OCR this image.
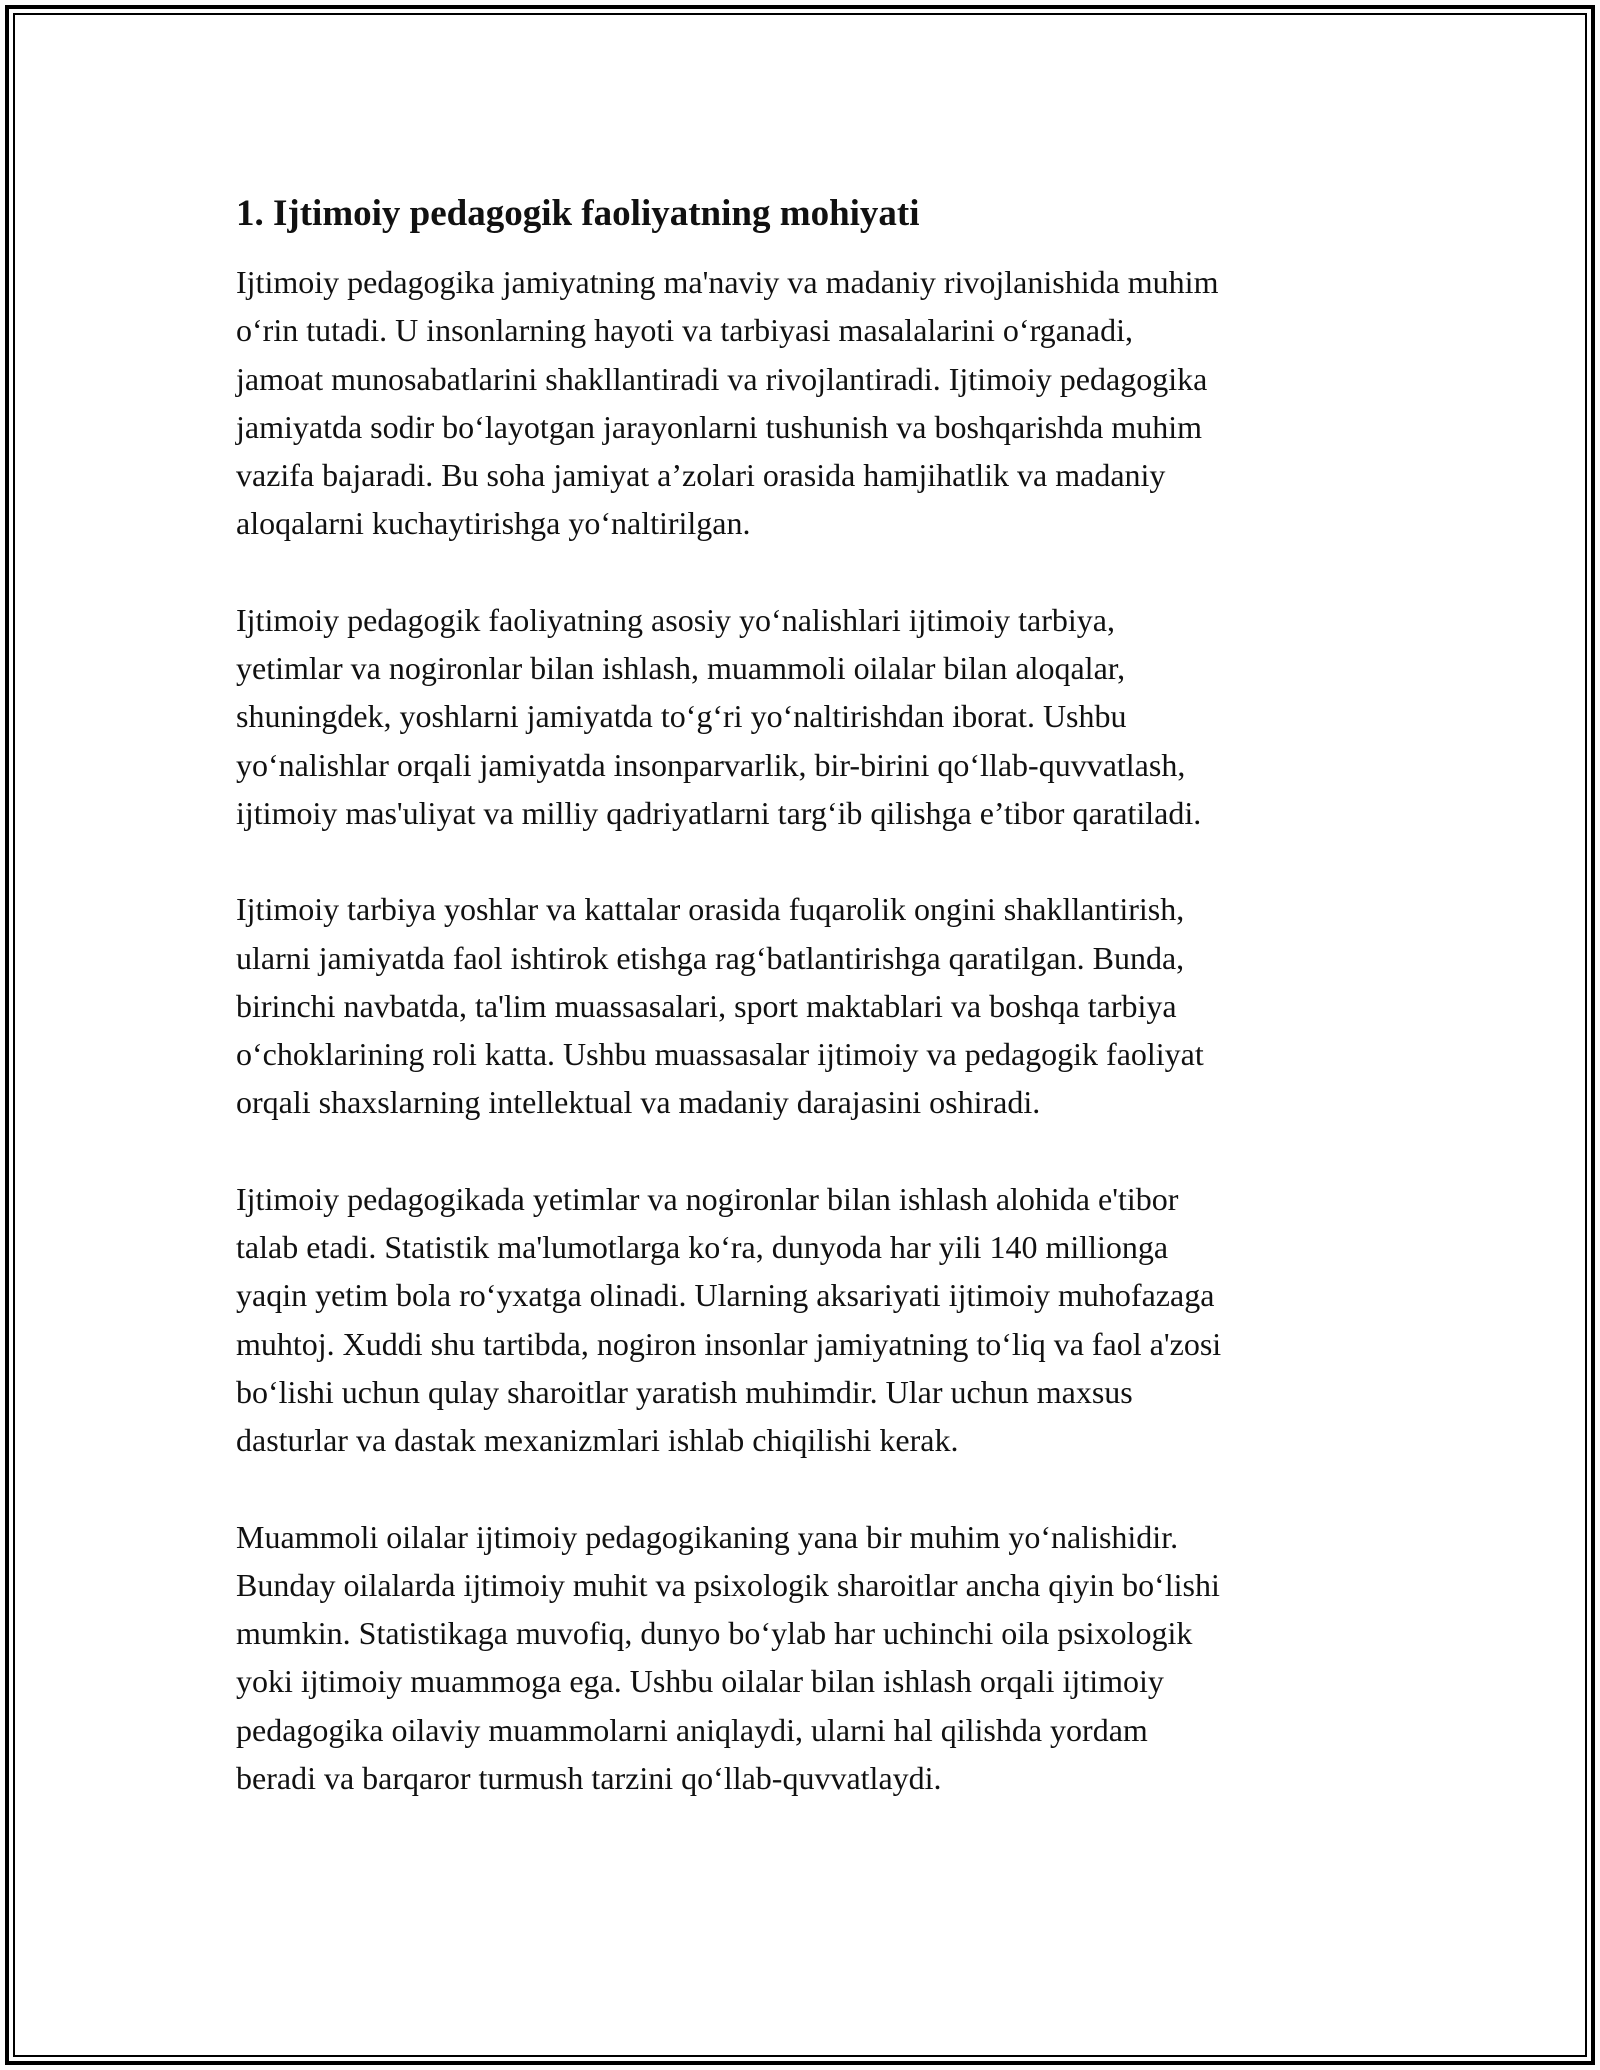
1. Ijtimoiy pedagogik faoliyatning mohiyati

Ijtimoiy pedagogika jamiyatning ma'naviy va madaniy rivojlanishida muhim
o‘rin tutadi. U insonlarning hayoti va tarbiyasi masalalarini o‘rganadi,
jamoat munosabatlarini shakllantiradi va rivojlantiradi. Ijtimoiy pedagogika
jamiyatda sodir bo‘layotgan jarayonlarni tushunish va boshqarishda muhim
vazifa bajaradi. Bu soha jamiyat a’zolari orasida hamjihatlik va madaniy
aloqalarni kuchaytirishga yo‘naltirilgan.

Ijtimoiy pedagogik faoliyatning asosiy yo‘nalishlari ijtimoiy tarbiya,
yetimlar va nogironlar bilan ishlash, muammoli oilalar bilan aloqalar,
shuningdek, yoshlarni jamiyatda to‘g‘ri yo‘naltirishdan iborat. Ushbu
yo‘nalishlar orqali jamiyatda insonparvarlik, bir-birini qo‘llab-quvvatlash,
ijtimoiy mas'uliyat va milliy qadriyatlarni targ‘ib qilishga e’tibor qaratiladi.

Ijtimoiy tarbiya yoshlar va kattalar orasida fuqarolik ongini shakllantirish,
ularni jamiyatda faol ishtirok etishga rag‘batlantirishga qaratilgan. Bunda,
birinchi navbatda, ta'lim muassasalari, sport maktablari va boshqa tarbiya
o‘choklarining roli katta. Ushbu muassasalar ijtimoiy va pedagogik faoliyat
orqali shaxslarning intellektual va madaniy darajasini oshiradi.

Ijtimoiy pedagogikada yetimlar va nogironlar bilan ishlash alohida e'tibor
talab etadi. Statistik ma'lumotlarga ko‘ra, dunyoda har yili 140 millionga
yaqin yetim bola ro‘yxatga olinadi. Ularning aksariyati ijtimoiy muhofazaga
muhtoj. Xuddi shu tartibda, nogiron insonlar jamiyatning to‘liq va faol a'zosi
bo‘lishi uchun qulay sharoitlar yaratish muhimdir. Ular uchun maxsus
dasturlar va dastak mexanizmlari ishlab chiqilishi kerak.

Muammoli oilalar ijtimoiy pedagogikaning yana bir muhim yo‘nalishidir.
Bunday oilalarda ijtimoiy muhit va psixologik sharoitlar ancha qiyin bo‘lishi
mumkin. Statistikaga muvofiq, dunyo bo‘ylab har uchinchi oila psixologik
yoki ijtimoiy muammoga ega. Ushbu oilalar bilan ishlash orqali ijtimoiy
pedagogika oilaviy muammolarni aniqlaydi, ularni hal qilishda yordam
beradi va barqaror turmush tarzini qo‘llab-quvvatlaydi.
